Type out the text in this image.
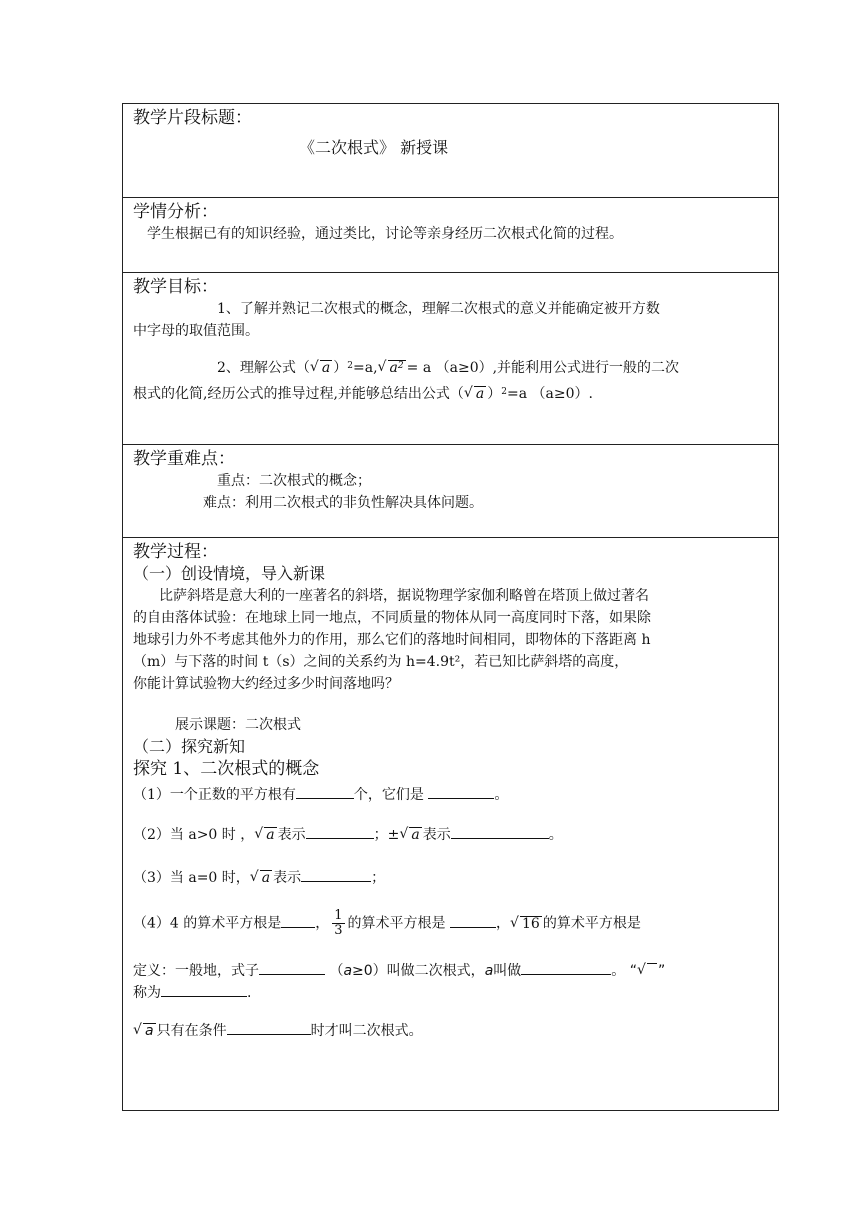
教学片段标题：
《二次根式》 新授课

学情分析：
学生根据已有的知识经验，通过类比，讨论等亲身经历二次根式化简的过程。

教学目标：
1、了解并熟记二次根式的概念，理解二次根式的意义并能确定被开方数
中字母的取值范围。
2、理解公式（ √ a ）$^2$=a, √ $a^2 = a$ （a≥0）,并能利用公式进行一般的二次
根式的化简,经历公式的推导过程,并能够总结出公式（ √ a ）$^2$=a （a≥0）.

教学重难点：
重点：二次根式的概念；
难点：利用二次根式的非负性解决具体问题。

教学过程：
（一）创设情境，导入新课
比萨斜塔是意大利的一座著名的斜塔，据说物理学家伽利略曾在塔顶上做过著名
的自由落体试验：在地球上同一地点，不同质量的物体从同一高度同时下落，如果除
地球引力外不考虑其他外力的作用，那么它们的落地时间相同，即物体的下落距离 h
（m）与下落的时间 t（s）之间的关系约为 h=4.9t²，若已知比萨斜塔的高度，
你能计算试验物大约经过多少时间落地吗？
展示课题：二次根式
（二）探究新知
探究 1、二次根式的概念
（1）一个正数的平方根有	个，它们是	。
（2）当 a>0 时 ， √ a 表示	；± √ a 表示	。
（3）当 a=0 时， √ a 表示	；
（4）4 的算术平方根是 ， $\frac{1}{3}$ 的算术平方根是	， √ 16 的算术平方根是
定义：一般地，式子	（a≥0）叫做二次根式，a叫做	。 “ √ ”
称为	.
√ a 只有在条件	时才叫二次根式。
